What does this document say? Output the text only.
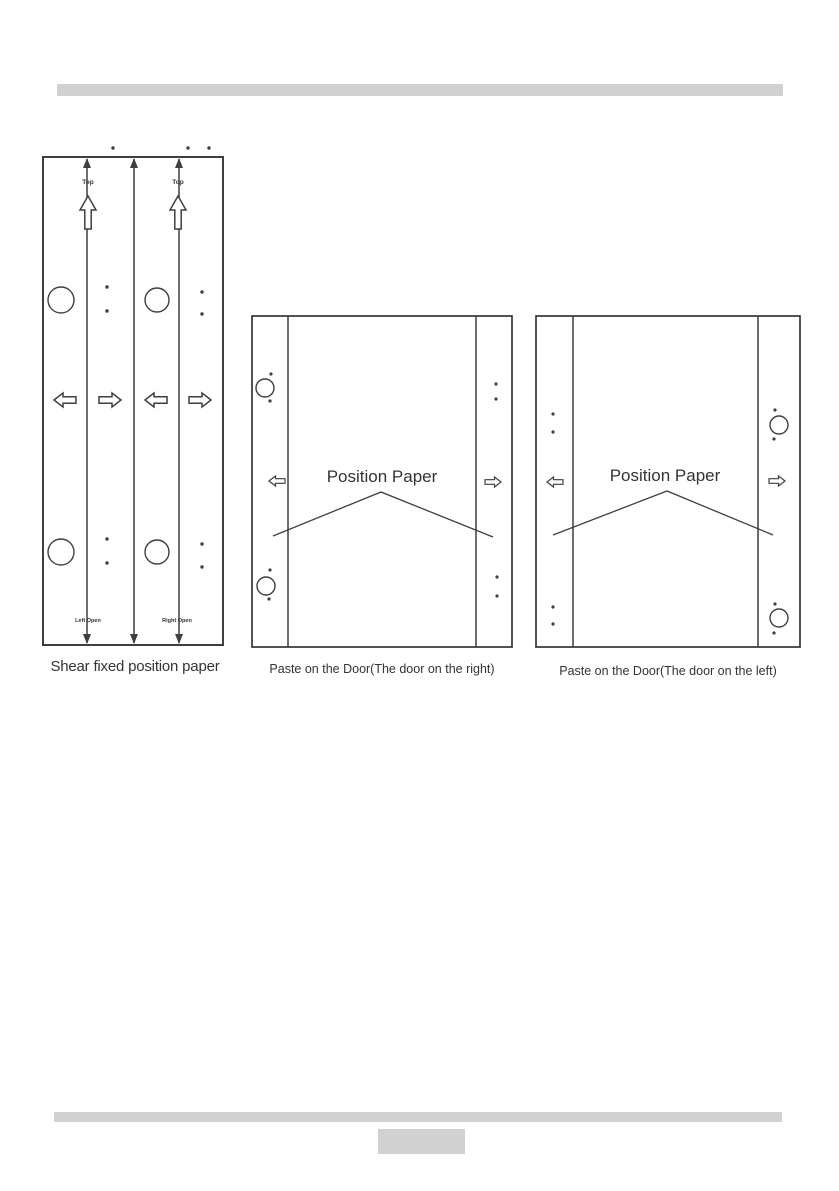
Top	Top
Left Open	Right Open
Shear fixed position paper
Position Paper
Paste on the Door(The door on the right)
Position Paper
Paste on the Door(The door on the left)
